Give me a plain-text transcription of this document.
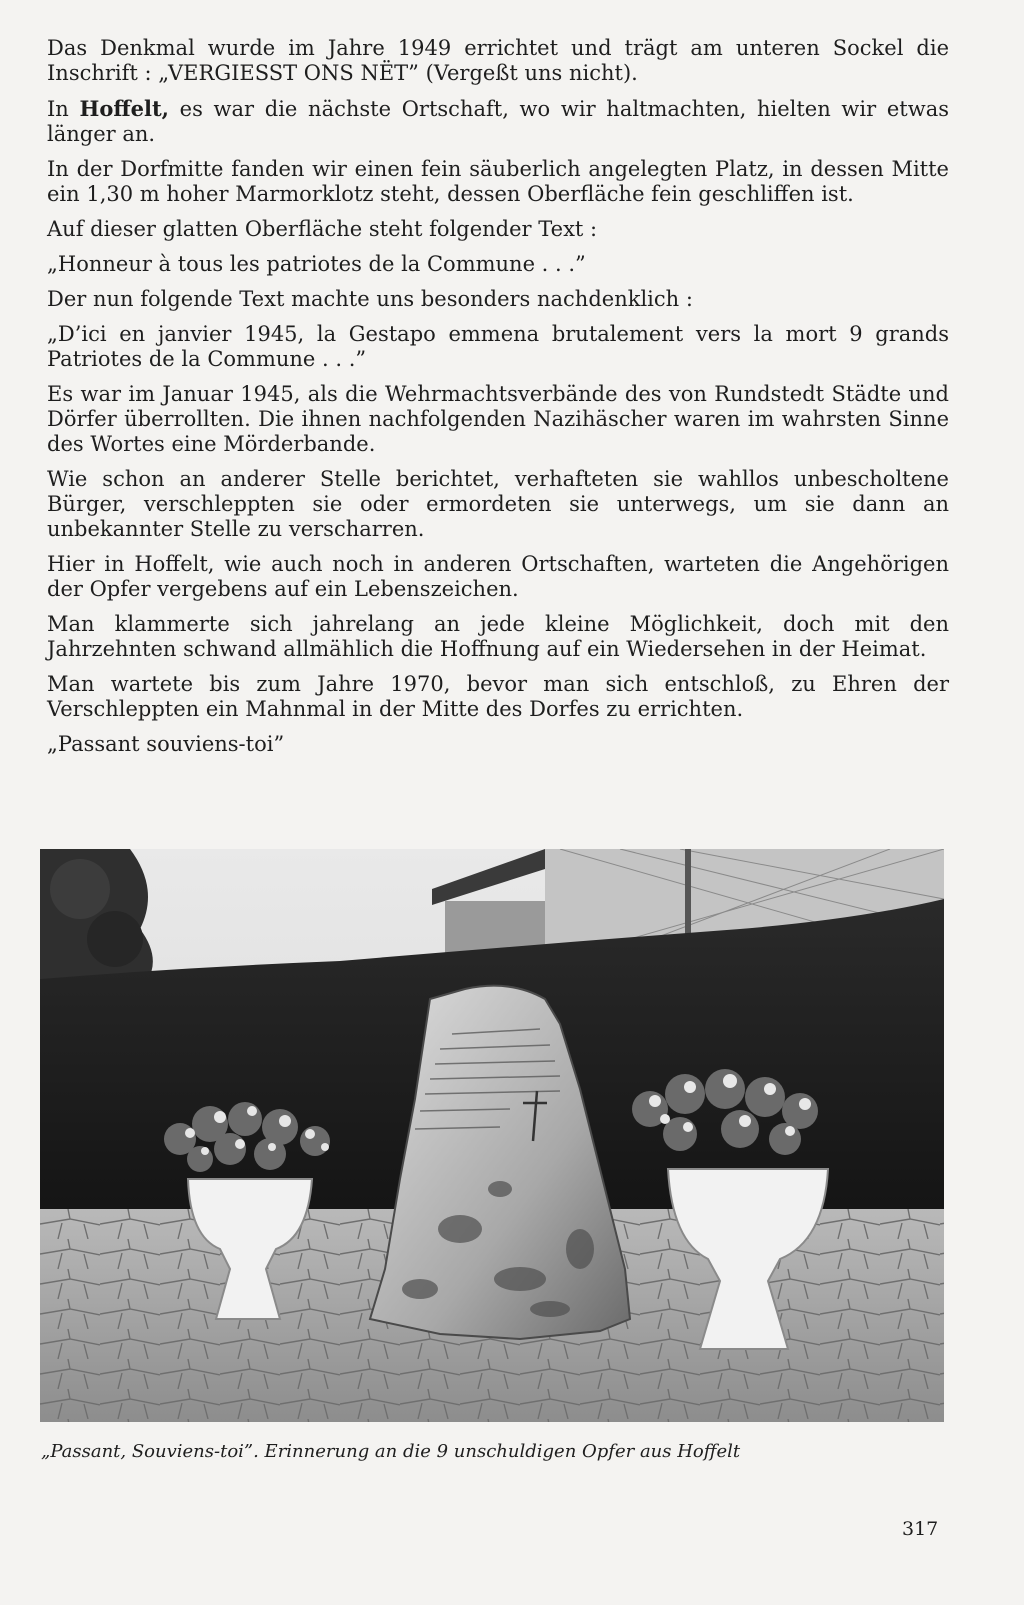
Das Denkmal wurde im Jahre 1949 errichtet und trägt am unteren Sockel die Inschrift : „VERGIESST ONS NËT” (Vergeßt uns nicht).

In Hoffelt, es war die nächste Ortschaft, wo wir haltmachten, hielten wir etwas länger an.

In der Dorfmitte fanden wir einen fein säuberlich angelegten Platz, in dessen Mitte ein 1,30 m hoher Marmorklotz steht, dessen Oberfläche fein geschliffen ist.

Auf dieser glatten Oberfläche steht folgender Text :

„Honneur à tous les patriotes de la Commune . . .”

Der nun folgende Text machte uns besonders nachdenklich :

„D’ici en janvier 1945, la Gestapo emmena brutalement vers la mort 9 grands Patriotes de la Commune . . .”

Es war im Januar 1945, als die Wehrmachtsverbände des von Rundstedt Städte und Dörfer überrollten. Die ihnen nachfolgenden Nazihäscher waren im wahrsten Sinne des Wortes eine Mörderbande.

Wie schon an anderer Stelle berichtet, verhafteten sie wahllos unbescholtene Bürger, verschleppten sie oder ermordeten sie unterwegs, um sie dann an unbekannter Stelle zu verscharren.

Hier in Hoffelt, wie auch noch in anderen Ortschaften, warteten die Angehörigen der Opfer vergebens auf ein Lebenszeichen.

Man klammerte sich jahrelang an jede kleine Möglichkeit, doch mit den Jahrzehnten schwand allmählich die Hoffnung auf ein Wiedersehen in der Heimat.

Man wartete bis zum Jahre 1970, bevor man sich entschloß, zu Ehren der Verschleppten ein Mahnmal in der Mitte des Dorfes zu errichten.

„Passant souviens-toi”

„Passant, Souviens-toi”. Erinnerung an die 9 unschuldigen Opfer aus Hoffelt
317
